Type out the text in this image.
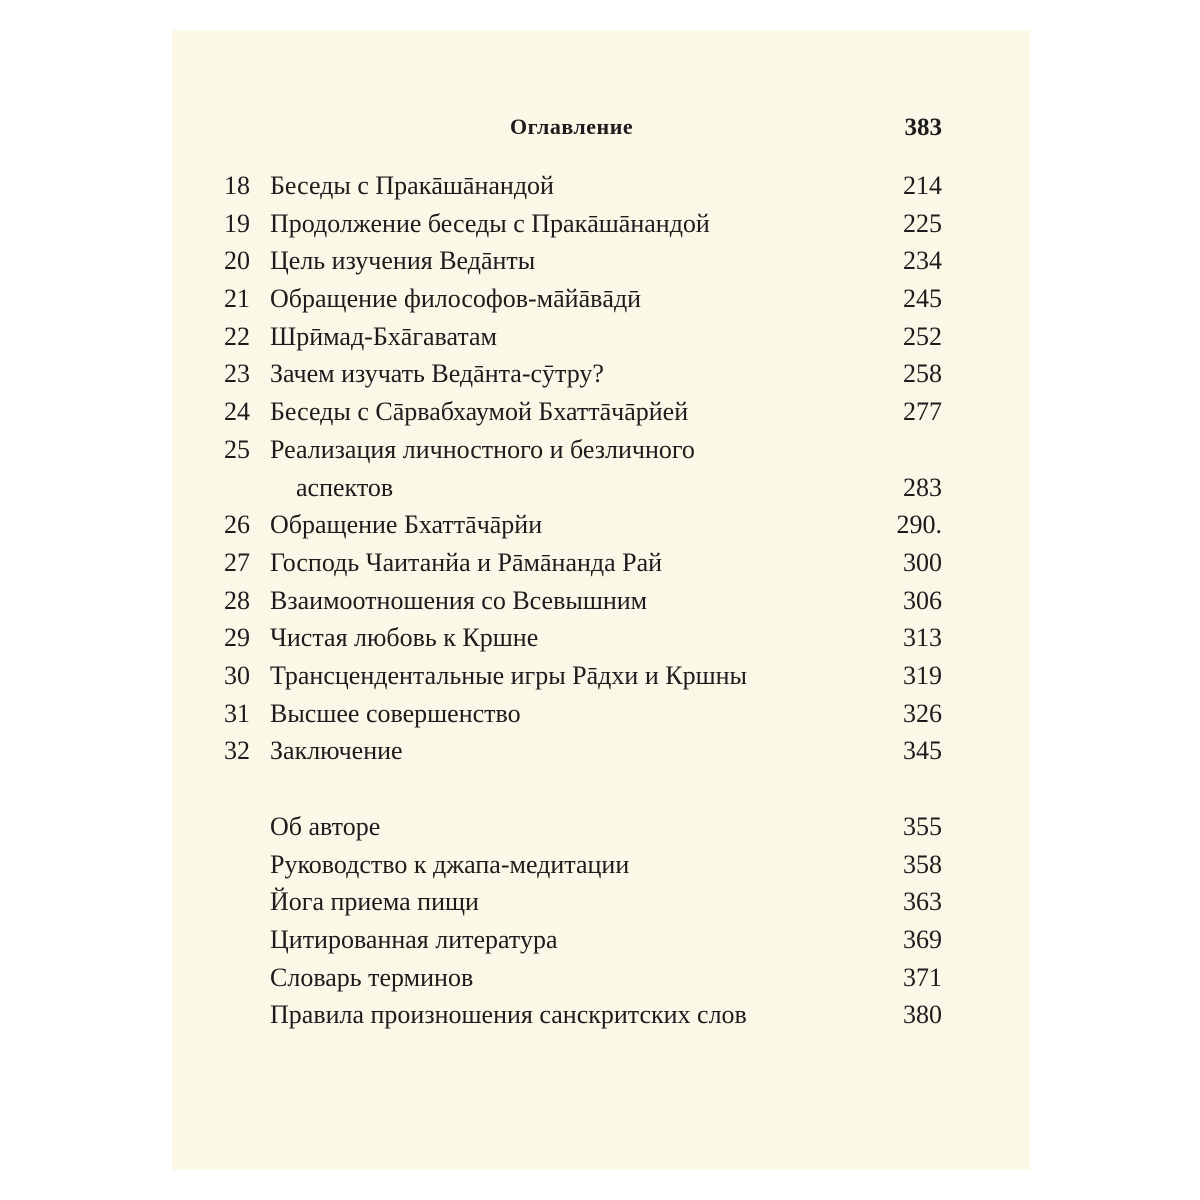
Оглавление	383
18 Беседы с Пракāшāнандой	214
19 Продолжение беседы с Пракāшāнандой	225
20 Цель изучения Ведāнты	234
21 Обращение философов-мāйāвāдӣ	245
22 Шрӣмад-Бхāгаватам	252
23 Зачем изучать Ведāнта-сӯтру?	258
24 Беседы с Сāрвабхаумой Бхаттāчāрйей	277
25 Реализация личностного и безличного
аспектов	283
26 Обращение Бхаттāчāрйи	290.
27 Господь Чаитанйа и Рāмāнанда Рай	300
28 Взаимоотношения со Всевышним	306
29 Чистая любовь к Кршне	313
30 Трансцендентальные игры Рāдхи и Кршны	319
31 Высшее совершенство	326
32 Заключение	345
Об авторе	355
Руководство к джапа-медитации	358
Йога приема пищи	363
Цитированная литература	369
Словарь терминов	371
Правила произношения санскритских слов	380
